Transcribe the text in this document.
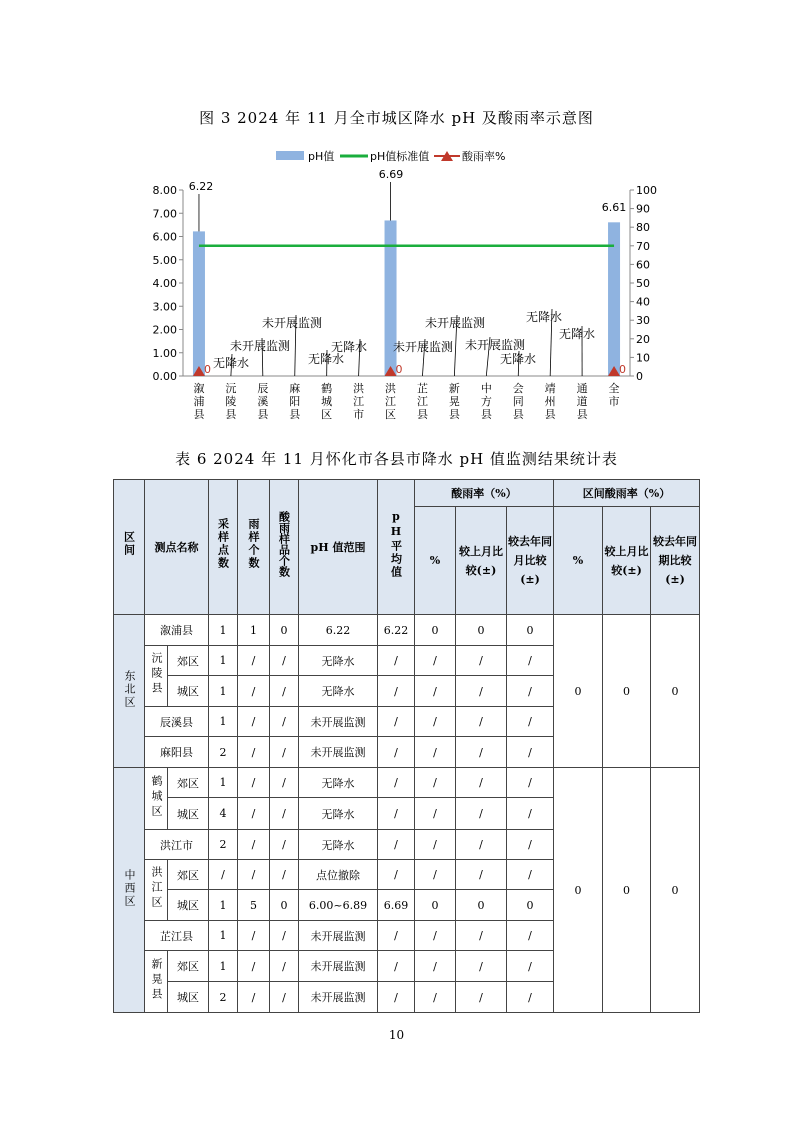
图 3 2024 年 11 月全市城区降水 pH 及酸雨率示意图
pH值	pH值标准值	酸雨率%
0.00
1.00
2.00
3.00
4.00
5.00
6.00
7.00
8.00
0
10
20
30
40
50
60
70
80
90
100
溆浦县
沅陵县
辰溪县
麻阳县
鹤城区
洪江市
洪江区
芷江县
新晃县
中方县
会同县
靖州县
通道县
全市
6.22
6.69
6.61
0	0	0
无降水
未开展监测
未开展监测
无降水
无降水 未开展监测
未开展监测
未开展监测
无降水
无降水
无降水
表 6 2024 年 11 月怀化市各县市降水 pH 值监测结果统计表
区间	测点名称		采样点数	雨样个数	酸雨样品个数	pH 值范围	pH平均值	酸雨率（%）			区间酸雨率（%）		
								%	较上月比较(±)	较去年同月比较(±)	%	较上月比较(±)	较去年同期比较(±)
东北区	溆浦县		1	1	0	6.22	6.22	0	0	0	0	0	0
	沅陵县	郊区	1	/	/	无降水	/	/	/	/			
		城区	1	/	/	无降水	/	/	/	/			
	辰溪县		1	/	/	未开展监测	/	/	/	/			
	麻阳县		2	/	/	未开展监测	/	/	/	/			
中西区	鹤城区	郊区	1	/	/	无降水	/	/	/	/	0	0	0
		城区	4	/	/	无降水	/	/	/	/			
	洪江市		2	/	/	无降水	/	/	/	/			
	洪江区	郊区	/	/	/	点位撤除	/	/	/	/			
		城区	1	5	0	6.00~6.89	6.69	0	0	0			
	芷江县		1	/	/	未开展监测	/	/	/	/			
	新晃县	郊区	1	/	/	未开展监测	/	/	/	/			
		城区	2	/	/	未开展监测	/	/	/	/			
10
